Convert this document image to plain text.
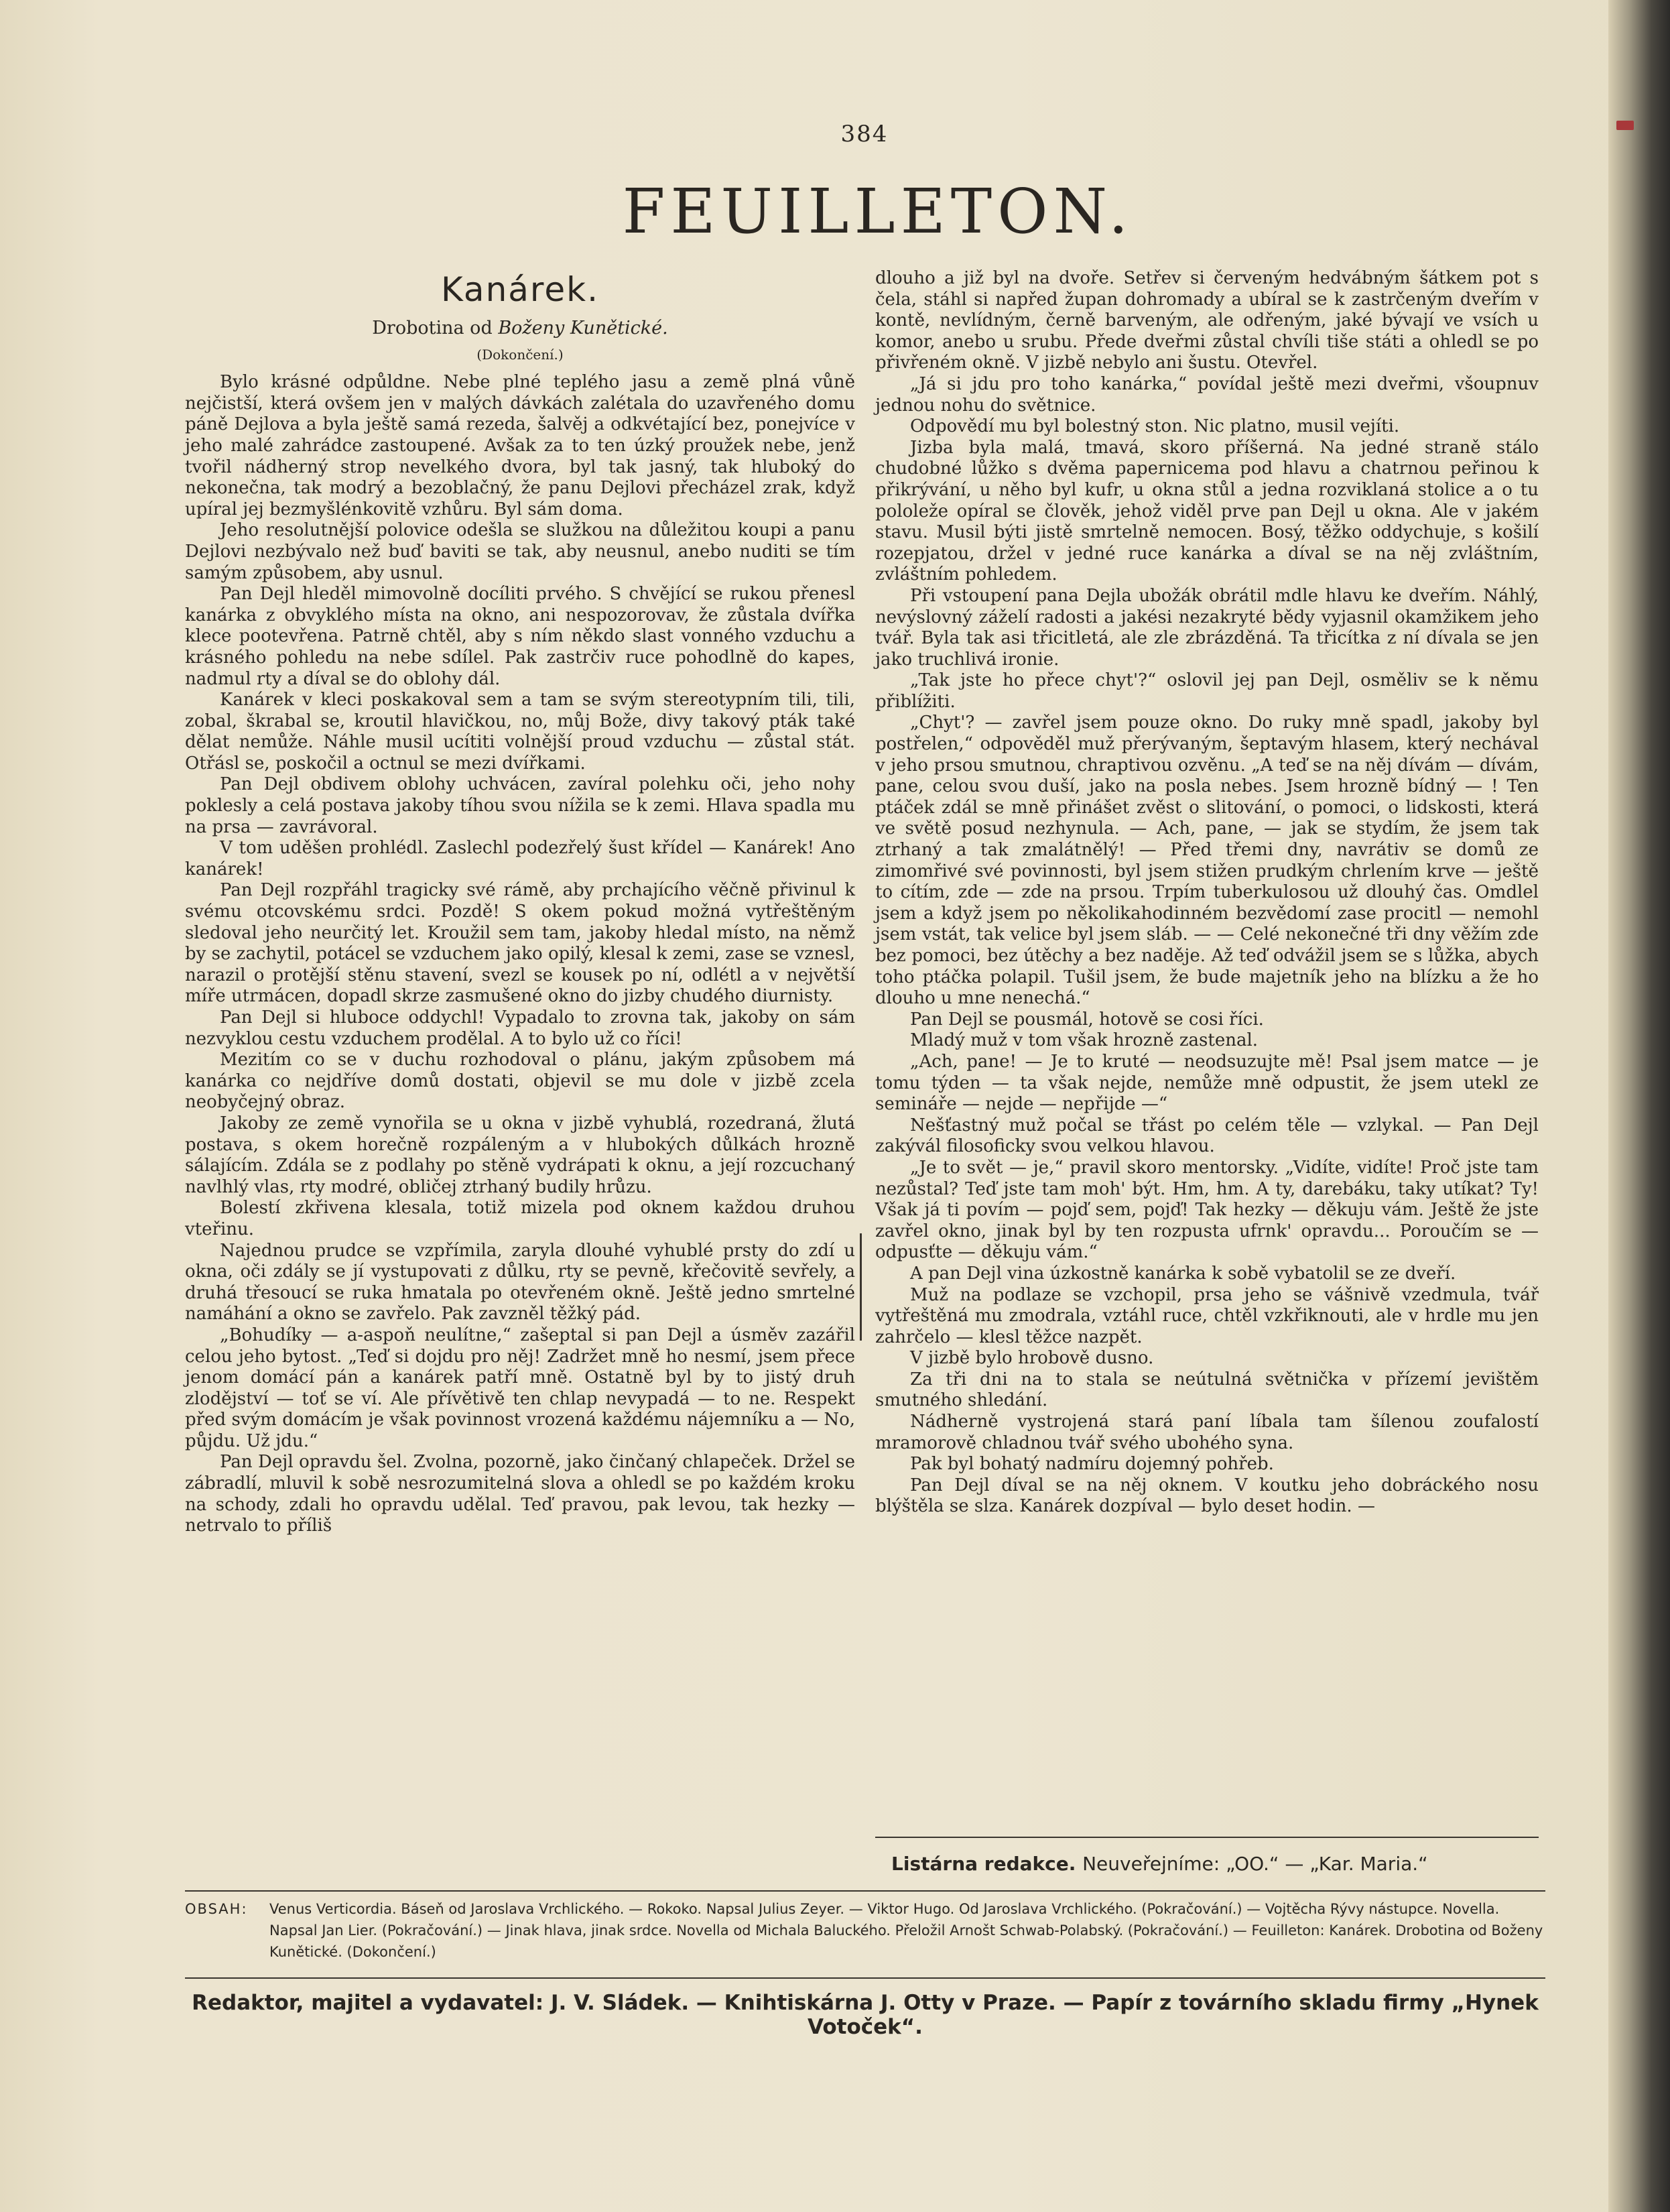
384
FEUILLETON.
Kanárek.
Drobotina od Boženy Kunětické.
(Dokončení.)

Bylo krásné odpůldne. Nebe plné teplého jasu a země plná vůně nejčistší, která ovšem jen v malých dávkách zalétala do uzavřeného domu páně Dejlova a byla ještě samá rezeda, šalvěj a odkvétající bez, ponejvíce v jeho malé zahrádce zastoupené. Avšak za to ten úzký proužek nebe, jenž tvořil nádherný strop nevelkého dvora, byl tak jasný, tak hluboký do nekonečna, tak modrý a bezoblačný, že panu Dejlovi přecházel zrak, když upíral jej bezmyšlénkovitě vzhůru. Byl sám doma.

Jeho resolutnější polovice odešla se služkou na důležitou koupi a panu Dejlovi nezbývalo než buď baviti se tak, aby neusnul, anebo nuditi se tím samým způsobem, aby usnul.

Pan Dejl hleděl mimovolně docíliti prvého. S chvějící se rukou přenesl kanárka z obvyklého místa na okno, ani nespozorovav, že zůstala dvířka klece pootevřena. Patrně chtěl, aby s ním někdo slast vonného vzduchu a krásného pohledu na nebe sdílel. Pak zastrčiv ruce pohodlně do kapes, nadmul rty a díval se do oblohy dál.

Kanárek v kleci poskakoval sem a tam se svým stereotypním tili, tili, zobal, škrabal se, kroutil hlavičkou, no, můj Bože, divy takový pták také dělat nemůže. Náhle musil ucítiti volnější proud vzduchu — zůstal stát. Otřásl se, poskočil a octnul se mezi dvířkami.

Pan Dejl obdivem oblohy uchvácen, zavíral polehku oči, jeho nohy poklesly a celá postava jakoby tíhou svou nížila se k zemi. Hlava spadla mu na prsa — zavrávoral.

V tom uděšen prohlédl. Zaslechl podezřelý šust křídel — Kanárek! Ano kanárek!

Pan Dejl rozpřáhl tragicky své rámě, aby prchajícího věčně přivinul k svému otcovskému srdci. Pozdě! S okem pokud možná vytřeštěným sledoval jeho neurčitý let. Kroužil sem tam, jakoby hledal místo, na němž by se zachytil, potácel se vzduchem jako opilý, klesal k zemi, zase se vznesl, narazil o protější stěnu stavení, svezl se kousek po ní, odlétl a v největší míře utrmácen, dopadl skrze zasmušené okno do jizby chudého diurnisty.

Pan Dejl si hluboce oddychl! Vypadalo to zrovna tak, jakoby on sám nezvyklou cestu vzduchem prodělal. A to bylo už co říci!

Mezitím co se v duchu rozhodoval o plánu, jakým způsobem má kanárka co nejdříve domů dostati, objevil se mu dole v jizbě zcela neobyčejný obraz.

Jakoby ze země vynořila se u okna v jizbě vyhublá, rozedraná, žlutá postava, s okem horečně rozpáleným a v hlubokých důlkách hrozně sálajícím. Zdála se z podlahy po stěně vydrápati k oknu, a její rozcuchaný navlhlý vlas, rty modré, obličej ztrhaný budily hrůzu.

Bolestí zkřivena klesala, totiž mizela pod oknem každou druhou vteřinu.

Najednou prudce se vzpřímila, zaryla dlouhé vyhublé prsty do zdí u okna, oči zdály se jí vystupovati z důlku, rty se pevně, křečovitě sevřely, a druhá třesoucí se ruka hmatala po otevřeném okně. Ještě jedno smrtelné namáhání a okno se zavřelo. Pak zavzněl těžký pád.

„Bohudíky — a-aspoň neulítne,“ zašeptal si pan Dejl a úsměv zazářil celou jeho bytost. „Teď si dojdu pro něj! Zadržet mně ho nesmí, jsem přece jenom domácí pán a kanárek patří mně. Ostatně byl by to jistý druh zlodějství — toť se ví. Ale přívětivě ten chlap nevypadá — to ne. Respekt před svým domácím je však povinnost vrozená každému nájemníku a — No, půjdu. Už jdu.“

Pan Dejl opravdu šel. Zvolna, pozorně, jako činčaný chlapeček. Držel se zábradlí, mluvil k sobě nesrozumitelná slova a ohledl se po každém kroku na schody, zdali ho opravdu udělal. Teď pravou, pak levou, tak hezky — netrvalo to příliš

dlouho a již byl na dvoře. Setřev si červeným hedvábným šátkem pot s čela, stáhl si napřed župan dohromady a ubíral se k zastrčeným dveřím v kontě, nevlídným, černě barveným, ale odřeným, jaké bývají ve vsích u komor, anebo u srubu. Přede dveřmi zůstal chvíli tiše státi a ohledl se po přivřeném okně. V jizbě nebylo ani šustu. Otevřel.

„Já si jdu pro toho kanárka,“ povídal ještě mezi dveřmi, všoupnuv jednou nohu do světnice.

Odpovědí mu byl bolestný ston. Nic platno, musil vejíti.

Jizba byla malá, tmavá, skoro příšerná. Na jedné straně stálo chudobné lůžko s dvěma papernicema pod hlavu a chatrnou peřinou k přikrývání, u něho byl kufr, u okna stůl a jedna rozviklaná stolice a o tu pololeže opíral se člověk, jehož viděl prve pan Dejl u okna. Ale v jakém stavu. Musil býti jistě smrtelně nemocen. Bosý, těžko oddychuje, s košilí rozepjatou, držel v jedné ruce kanárka a díval se na něj zvláštním, zvláštním pohledem.

Při vstoupení pana Dejla ubožák obrátil mdle hlavu ke dveřím. Náhlý, nevýslovný záželí radosti a jakési nezakryté bědy vyjasnil okamžikem jeho tvář. Byla tak asi třicitletá, ale zle zbrázděná. Ta třicítka z ní dívala se jen jako truchlivá ironie.

„Tak jste ho přece chyt'?“ oslovil jej pan Dejl, osměliv se k němu přiblížiti.

„Chyt'? — zavřel jsem pouze okno. Do ruky mně spadl, jakoby byl postřelen,“ odpověděl muž přerývaným, šeptavým hlasem, který nechával v jeho prsou smutnou, chraptivou ozvěnu. „A teď se na něj dívám — dívám, pane, celou svou duší, jako na posla nebes. Jsem hrozně bídný — ! Ten ptáček zdál se mně přinášet zvěst o slitování, o pomoci, o lidskosti, která ve světě posud nezhynula. — Ach, pane, — jak se stydím, že jsem tak ztrhaný a tak zmalátnělý! — Před třemi dny, navrátiv se domů ze zimomřivé své povinnosti, byl jsem stižen prudkým chrlením krve — ještě to cítím, zde — zde na prsou. Trpím tuberkulosou už dlouhý čas. Omdlel jsem a když jsem po několikahodinném bezvědomí zase procitl — nemohl jsem vstát, tak velice byl jsem sláb. — — Celé nekonečné tři dny věžím zde bez pomoci, bez útěchy a bez naděje. Až teď odvážil jsem se s lůžka, abych toho ptáčka polapil. Tušil jsem, že bude majetník jeho na blízku a že ho dlouho u mne nenechá.“

Pan Dejl se pousmál, hotově se cosi říci.

Mladý muž v tom však hrozně zastenal.

„Ach, pane! — Je to kruté — neodsuzujte mě! Psal jsem matce — je tomu týden — ta však nejde, nemůže mně odpustit, že jsem utekl ze semináře — nejde — nepřijde —“

Nešťastný muž počal se třást po celém těle — vzlykal. — Pan Dejl zakývál filosoficky svou velkou hlavou.

„Je to svět — je,“ pravil skoro mentorsky. „Vidíte, vidíte! Proč jste tam nezůstal? Teď jste tam moh' být. Hm, hm. A ty, darebáku, taky utíkat? Ty! Však já ti povím — pojď sem, pojď! Tak hezky — děkuju vám. Ještě že jste zavřel okno, jinak byl by ten rozpusta ufrnk' opravdu... Poroučím se — odpusťte — děkuju vám.“

A pan Dejl vina úzkostně kanárka k sobě vybatolil se ze dveří.

Muž na podlaze se vzchopil, prsa jeho se vášnivě vzedmula, tvář vytřeštěná mu zmodrala, vztáhl ruce, chtěl vzkřiknouti, ale v hrdle mu jen zahrčelo — klesl těžce nazpět.

V jizbě bylo hrobově dusno.

Za tři dni na to stala se neútulná světnička v přízemí jevištěm smutného shledání.

Nádherně vystrojená stará paní líbala tam šílenou zoufalostí mramorově chladnou tvář svého ubohého syna.

Pak byl bohatý nadmíru dojemný pohřeb.

Pan Dejl díval se na něj oknem. V koutku jeho dobráckého nosu blýštěla se slza. Kanárek dozpíval — bylo deset hodin. —

Listárna redakce. Neuveřejníme: „OO.“ — „Kar. Maria.“
OBSAH:	Venus Verticordia. Báseň od Jaroslava Vrchlického. — Rokoko. Napsal Julius Zeyer. — Viktor Hugo. Od Jaroslava Vrchlického. (Pokračování.) — Vojtěcha Rývy nástupce. Novella. Napsal Jan Lier. (Pokračování.) — Jinak hlava, jinak srdce. Novella od Michala Baluckého. Přeložil Arnošt Schwab-Polabský. (Pokračování.) — Feuilleton: Kanárek. Drobotina od Boženy Kunětické. (Dokončení.)
Redaktor, majitel a vydavatel: J. V. Sládek. — Knihtiskárna J. Otty v Praze. — Papír z továrního skladu firmy „Hynek Votoček“.
